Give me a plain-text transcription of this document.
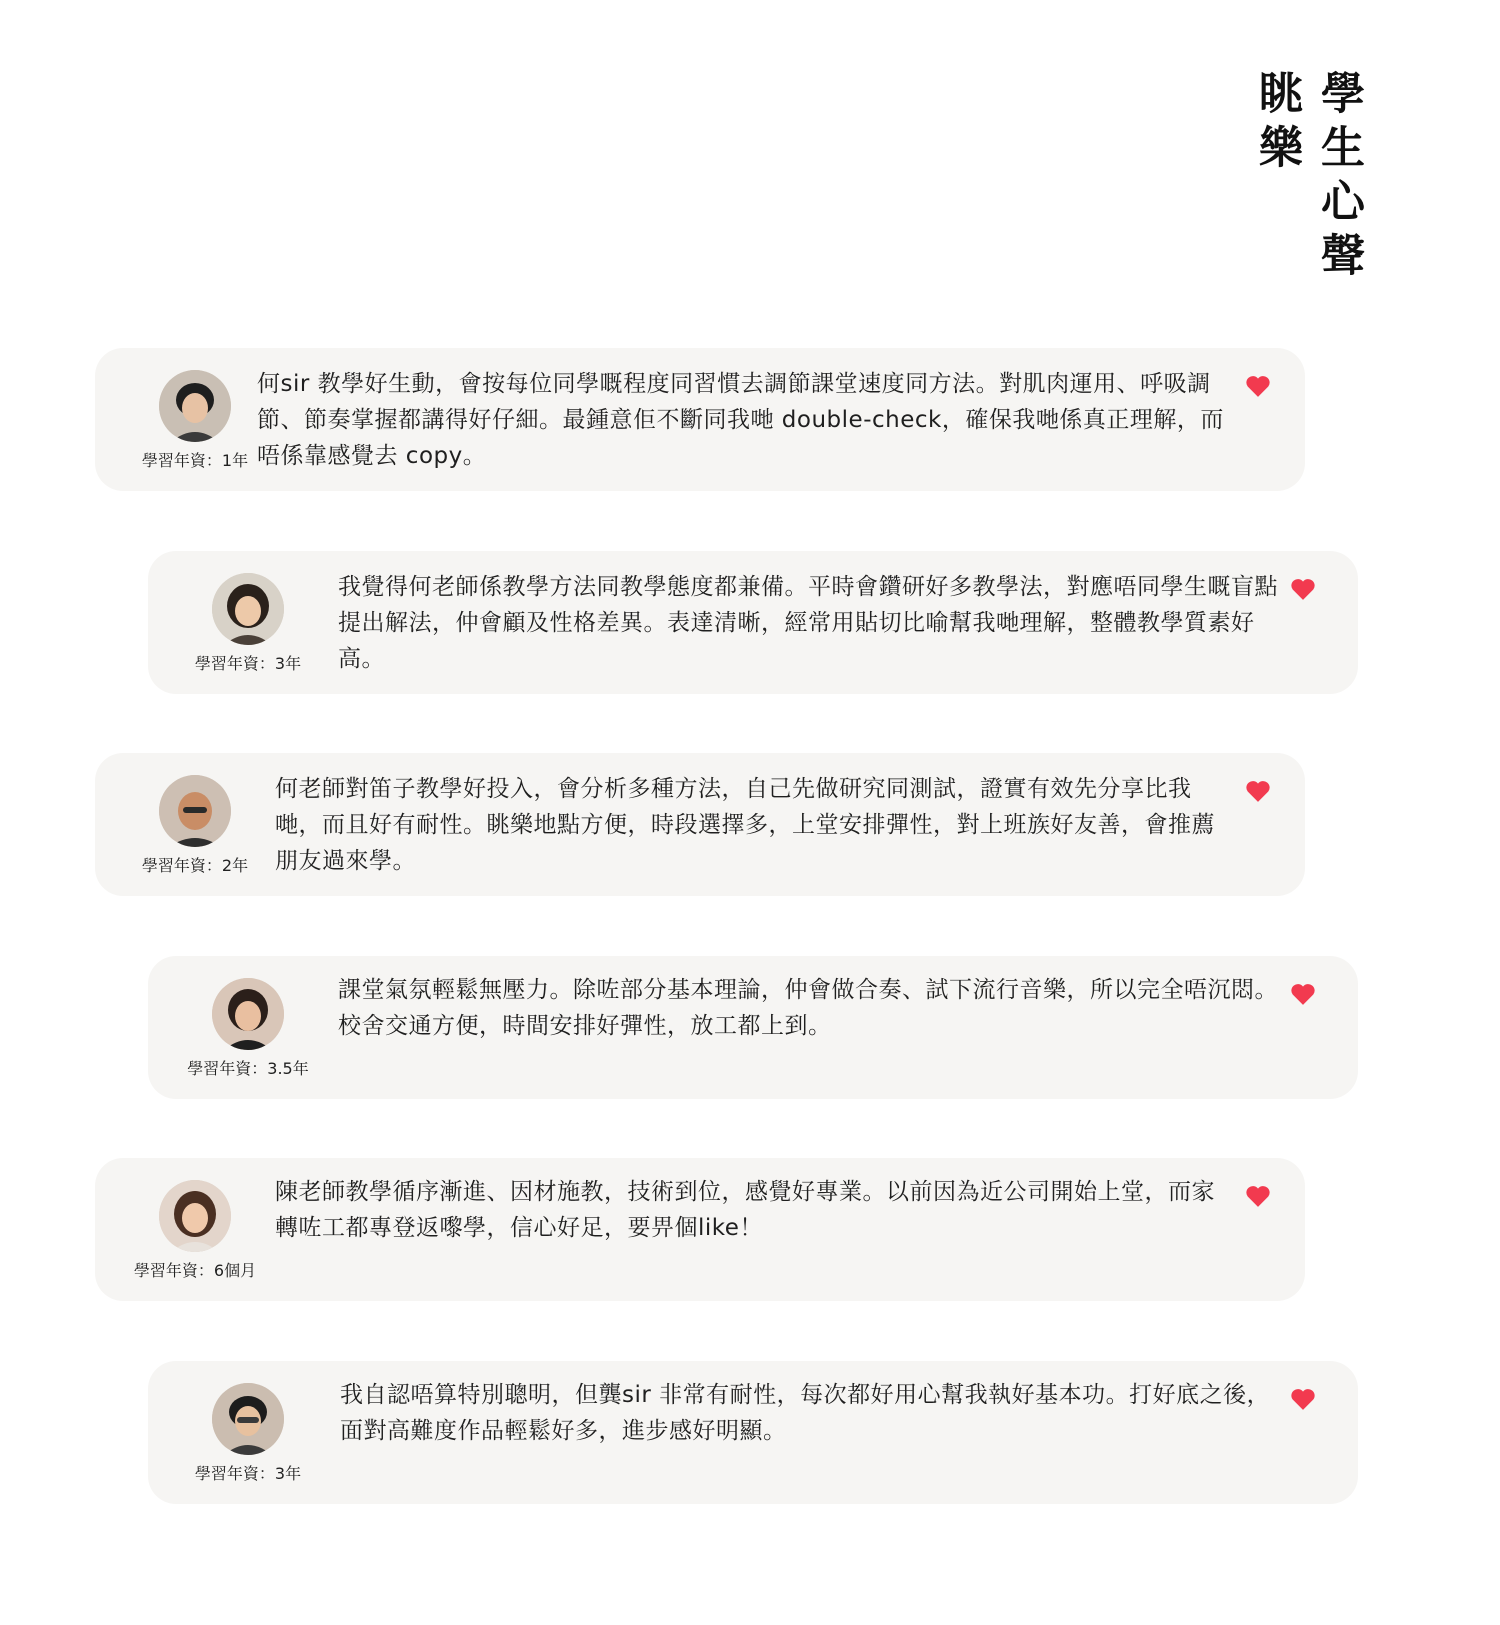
學生心聲
眺樂
學習年資：1年
何sir 教學好生動，會按每位同學嘅程度同習慣去調節課堂速度同方法。對肌肉運用、呼吸調節、節奏掌握都講得好仔細。最鍾意佢不斷同我哋 double-check，確保我哋係真正理解，而唔係靠感覺去 copy。
學習年資：3年
我覺得何老師係教學方法同教學態度都兼備。平時會鑽研好多教學法，對應唔同學生嘅盲點提出解法，仲會顧及性格差異。表達清晰，經常用貼切比喻幫我哋理解，整體教學質素好高。
學習年資：2年
何老師對笛子教學好投入，會分析多種方法，自己先做研究同測試，證實有效先分享比我哋，而且好有耐性。眺樂地點方便，時段選擇多，上堂安排彈性，對上班族好友善，會推薦朋友過來學。
學習年資：3.5年
課堂氣氛輕鬆無壓力。除咗部分基本理論，仲會做合奏、試下流行音樂，所以完全唔沉悶。校舍交通方便，時間安排好彈性，放工都上到。
學習年資：6個月
陳老師教學循序漸進、因材施教，技術到位，感覺好專業。以前因為近公司開始上堂，而家轉咗工都專登返嚟學，信心好足，要畀個like！
學習年資：3年
我自認唔算特別聰明，但龔sir 非常有耐性，每次都好用心幫我執好基本功。打好底之後，面對高難度作品輕鬆好多，進步感好明顯。
